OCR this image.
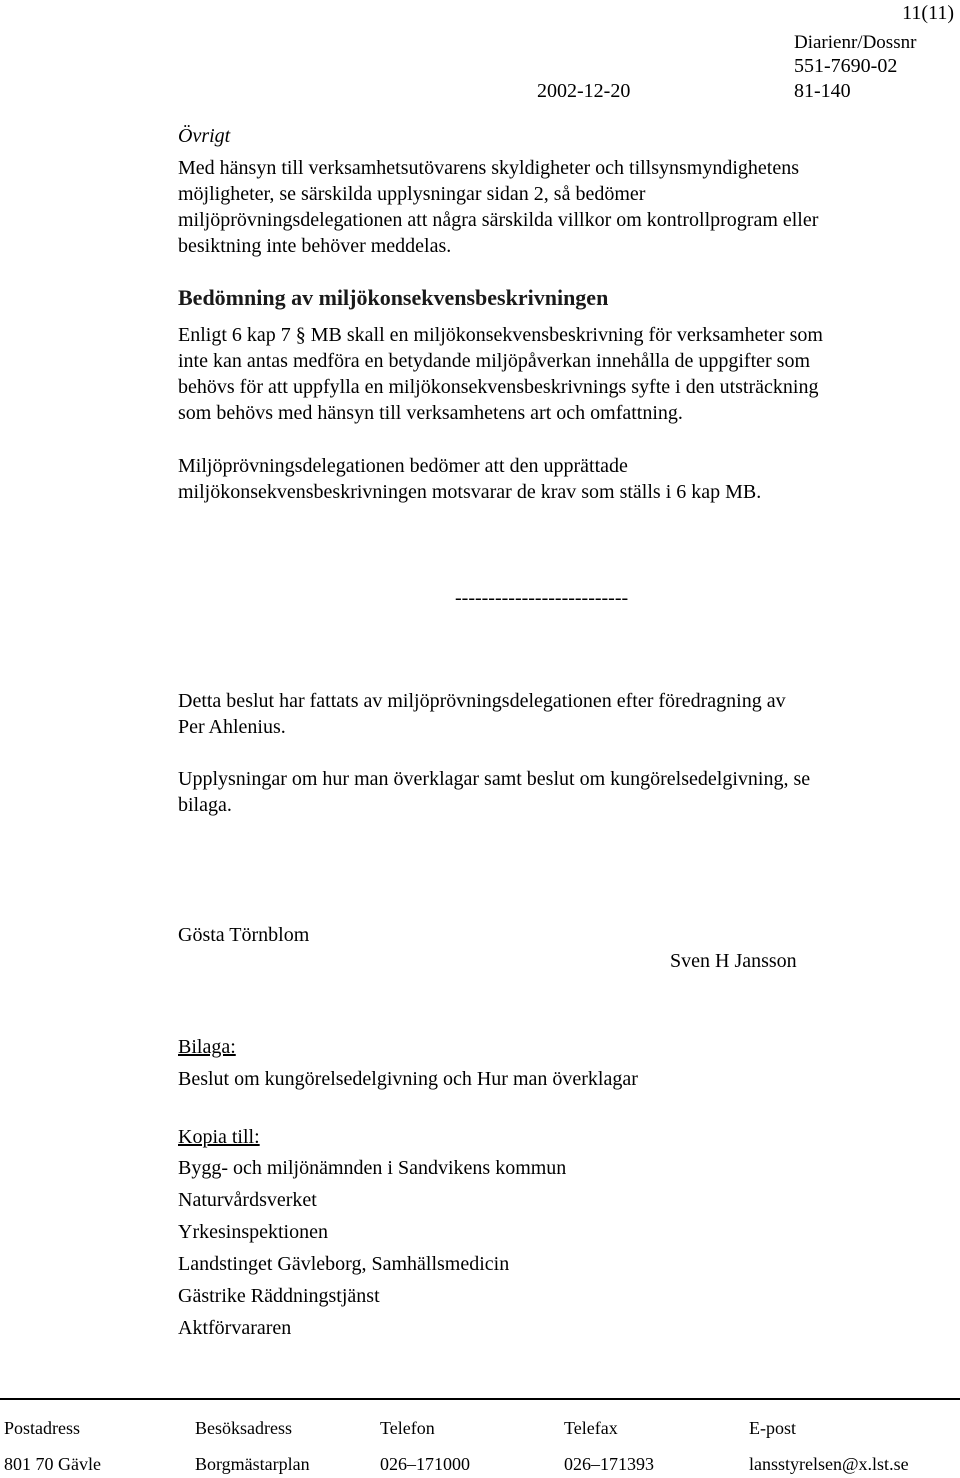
11(11)
Diarienr/Dossnr
551-7690-02
2002-12-20	81-140
Övrigt
Med hänsyn till verksamhetsutövarens skyldigheter och tillsynsmyndighetens
möjligheter, se särskilda upplysningar sidan 2, så bedömer
miljöprövningsdelegationen att några särskilda villkor om kontrollprogram eller
besiktning inte behöver meddelas.
Bedömning av miljökonsekvensbeskrivningen
Enligt 6 kap 7 § MB skall en miljökonsekvensbeskrivning för verksamheter som
inte kan antas medföra en betydande miljöpåverkan innehålla de uppgifter som
behövs för att uppfylla en miljökonsekvensbeskrivnings syfte i den utsträckning
som behövs med hänsyn till verksamhetens art och omfattning.
Miljöprövningsdelegationen bedömer att den upprättade
miljökonsekvensbeskrivningen motsvarar de krav som ställs i 6 kap MB.
--------------------------
Detta beslut har fattats av miljöprövningsdelegationen efter föredragning av
Per Ahlenius.
Upplysningar om hur man överklagar samt beslut om kungörelsedelgivning, se
bilaga.
Gösta Törnblom
Sven H Jansson
Bilaga:
Beslut om kungörelsedelgivning och Hur man överklagar
Kopia till:
Bygg- och miljönämnden i Sandvikens kommun
Naturvårdsverket
Yrkesinspektionen
Landstinget Gävleborg, Samhällsmedicin
Gästrike Räddningstjänst
Aktförvararen
Postadress	Besöksadress	Telefon	Telefax	E-post
801 70 Gävle	Borgmästarplan	026–171000	026–171393	lansstyrelsen@x.lst.se
